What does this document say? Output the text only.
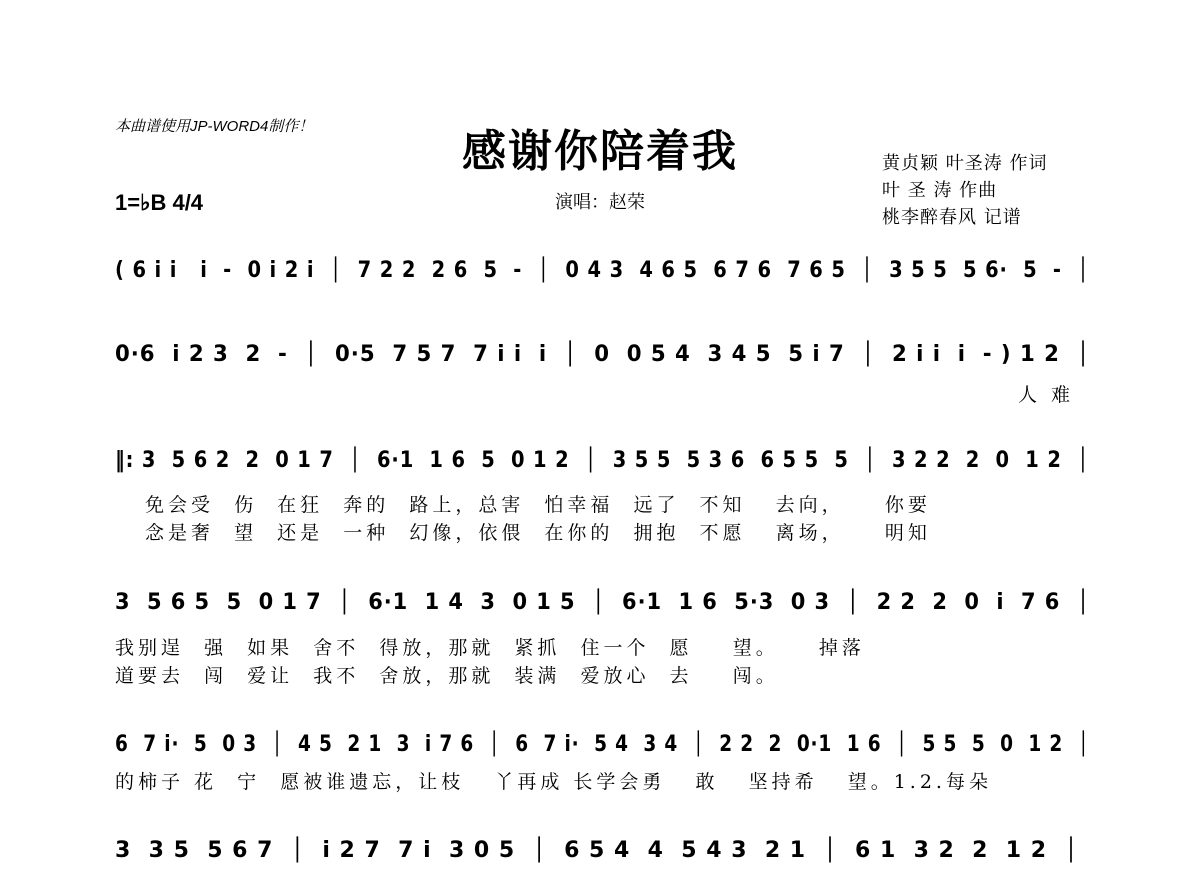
本曲谱使用JP-WORD4制作！	感谢你陪着我
演唱：赵荣
黄贞颖 叶圣涛 作词
叶 圣 涛 作曲
桃李醉春风 记谱
1=♭B 4/4
( 6 i i   i  -  0 i 2 i  │  7 2 2  2 6  5  -  │  0 4 3  4 6 5  6 7 6  7 6 5  │  3 5 5  5 6·  5  -  │
0·6  i 2 3  2  -  │  0·5  7 5 7  7 i i  i  │  0  0 5 4  3 4 5  5 i 7  │  2 i i  i  - ) 1 2  │
人 难
‖: 3  5 6 2  2  0 1 7  │  6·1  1 6  5  0 1 2  │  3 5 5  5 3 6  6 5 5  5  │  3 2 2  2  0  1 2  │
免会受  伤  在狂  奔的  路上，总害  怕幸福  远了  不知   去向，    你要
念是奢  望  还是  一种  幻像，依偎  在你的  拥抱  不愿   离场，    明知
3  5 6 5  5  0 1 7  │  6·1  1 4  3  0 1 5  │  6·1  1 6  5·3  0 3  │  2 2  2  0  i  7 6  │
我别逞  强  如果  舍不  得放，那就  紧抓  住一个  愿    望。    掉落
道要去  闯  爱让  我不  舍放，那就  装满  爱放心  去    闯。
6  7 i·  5  0 3  │  4 5  2 1  3  i 7 6  │  6  7 i·  5 4  3 4  │  2 2  2  0·1  1 6  │  5 5  5  0  1 2  │
的柿子 花  宁  愿被谁遗忘，让枝   丫再成 长学会勇   敢   坚持希   望。1.2.每朵
3  3 5  5 6 7  │  i 2 7  7 i  3 0 5  │  6 5 4  4  5 4 3  2 1  │  6 1  3 2  2  1 2  │
